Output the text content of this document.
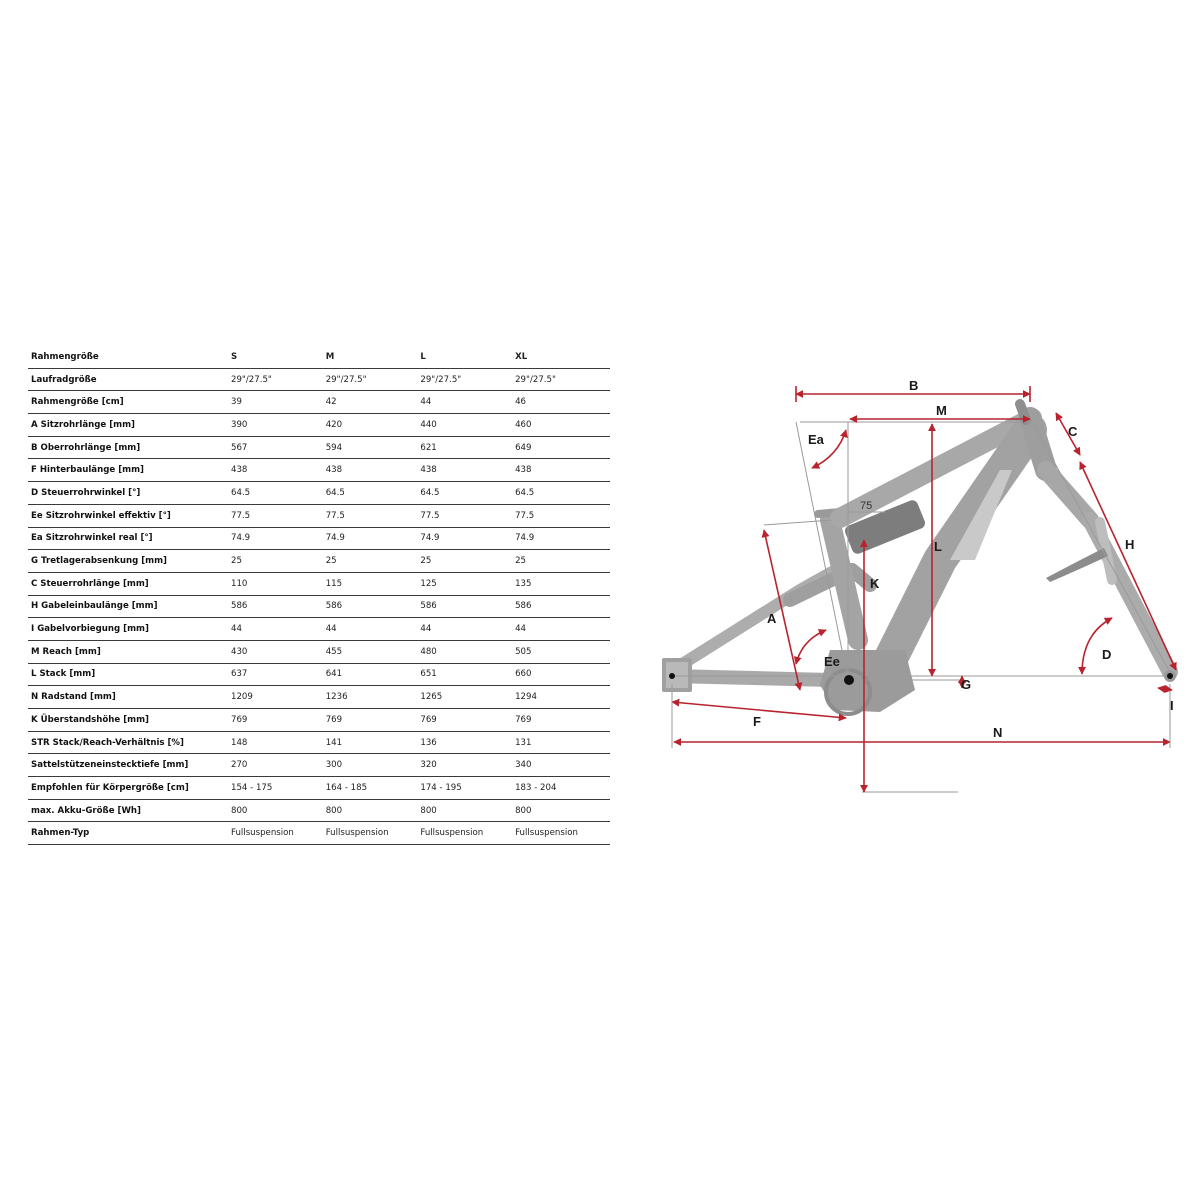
Rahmengröße	S	M	L	XL
Laufradgröße	29"/27.5"	29"/27.5"	29"/27.5"	29"/27.5"
Rahmengröße [cm]	39	42	44	46
A Sitzrohrlänge [mm]	390	420	440	460
B Oberrohrlänge [mm]	567	594	621	649
F Hinterbaulänge [mm]	438	438	438	438
D Steuerrohrwinkel [°]	64.5	64.5	64.5	64.5
Ee Sitzrohrwinkel effektiv [°]	77.5	77.5	77.5	77.5
Ea Sitzrohrwinkel real [°]	74.9	74.9	74.9	74.9
G Tretlagerabsenkung [mm]	25	25	25	25
C Steuerrohrlänge [mm]	110	115	125	135
H Gabeleinbaulänge [mm]	586	586	586	586
I Gabelvorbiegung [mm]	44	44	44	44
M Reach [mm]	430	455	480	505
L Stack [mm]	637	641	651	660
N Radstand [mm]	1209	1236	1265	1294
K Überstandshöhe [mm]	769	769	769	769
STR Stack/Reach-Verhältnis [%]	148	141	136	131
Sattelstützeneinstecktiefe [mm]	270	300	320	340
Empfohlen für Körpergröße [cm]	154 - 175	164 - 185	174 - 195	183 - 204
max. Akku-Größe [Wh]	800	800	800	800
Rahmen-Typ	Fullsuspension	Fullsuspension	Fullsuspension	Fullsuspension
B
M
C
Ea
75
L
K
H
A
D
Ee
G
F
N
I
